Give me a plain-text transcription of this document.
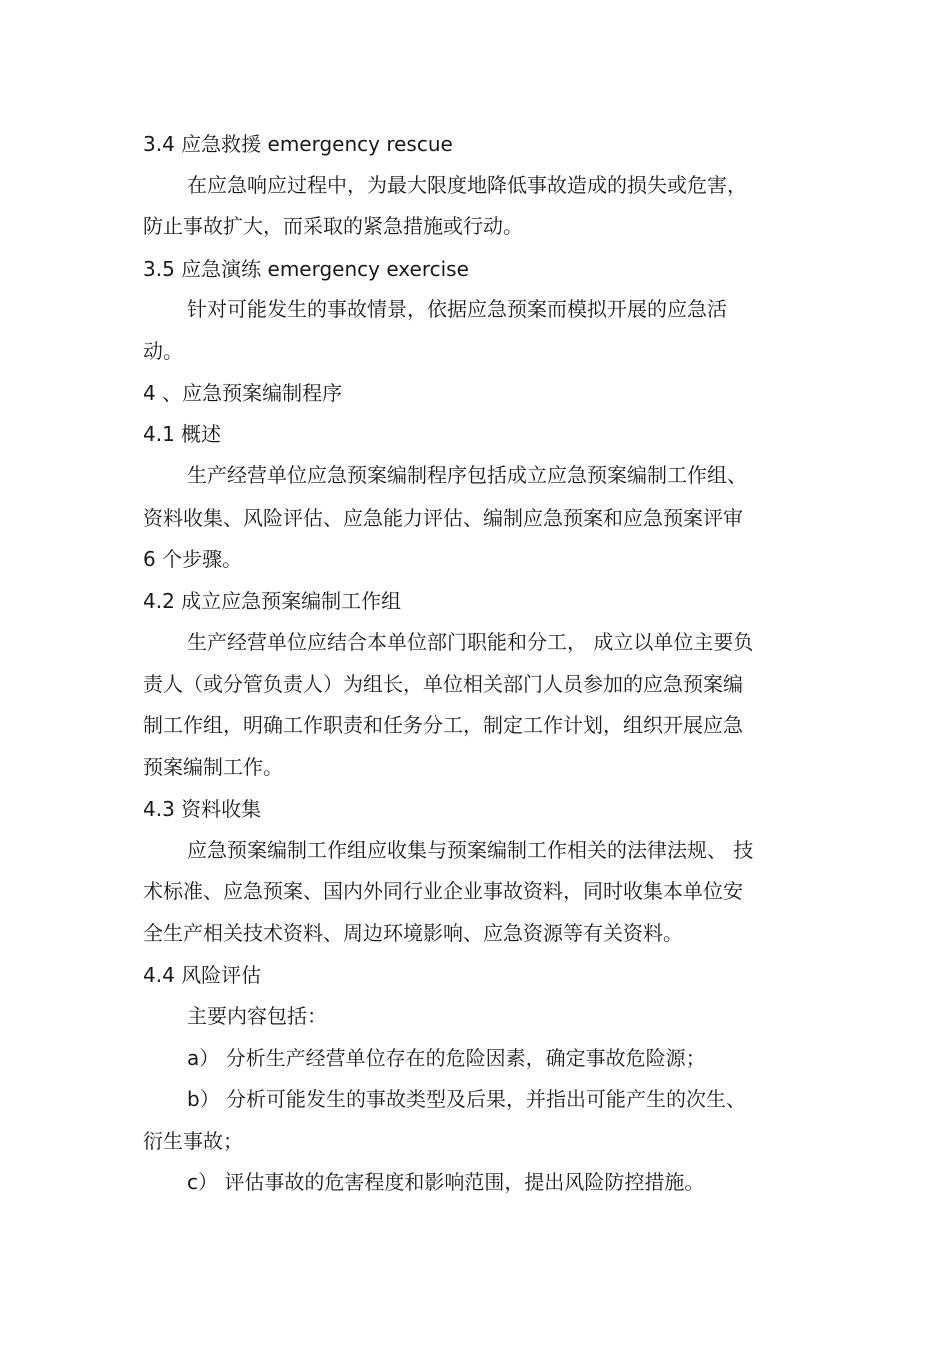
3.4 应急救援 emergency rescue
在应急响应过程中，为最大限度地降低事故造成的损失或危害，
防止事故扩大，而采取的紧急措施或行动。
3.5 应急演练 emergency exercise
针对可能发生的事故情景，依据应急预案而模拟开展的应急活
动。
4 、应急预案编制程序
4.1 概述
生产经营单位应急预案编制程序包括成立应急预案编制工作组、
资料收集、风险评估、应急能力评估、编制应急预案和应急预案评审
6 个步骤。
4.2 成立应急预案编制工作组
生产经营单位应结合本单位部门职能和分工， 成立以单位主要负
责人（或分管负责人）为组长，单位相关部门人员参加的应急预案编
制工作组，明确工作职责和任务分工，制定工作计划，组织开展应急
预案编制工作。
4.3 资料收集
应急预案编制工作组应收集与预案编制工作相关的法律法规、 技
术标准、应急预案、国内外同行业企业事故资料，同时收集本单位安
全生产相关技术资料、周边环境影响、应急资源等有关资料。
4.4 风险评估
主要内容包括：
a） 分析生产经营单位存在的危险因素，确定事故危险源；
b） 分析可能发生的事故类型及后果，并指出可能产生的次生、
衍生事故；
c） 评估事故的危害程度和影响范围，提出风险防控措施。
